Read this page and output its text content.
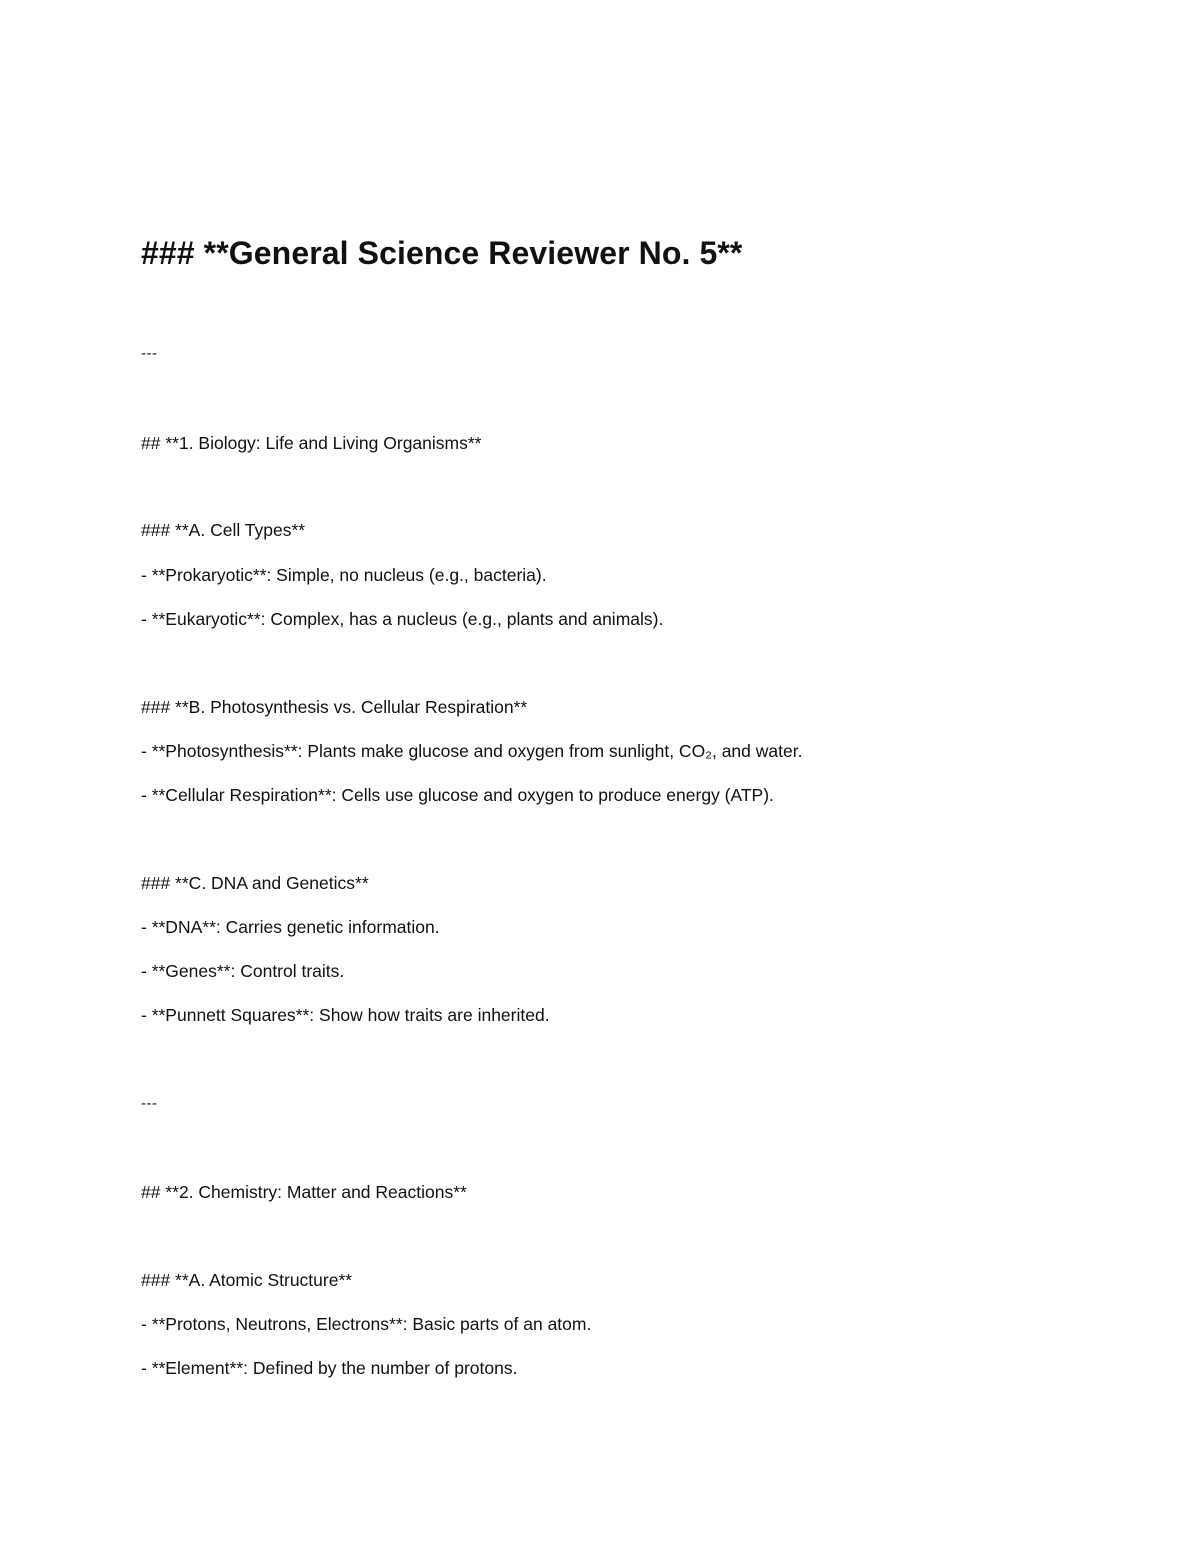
### **General Science Reviewer No. 5**

---

## **1. Biology: Life and Living Organisms**

### **A. Cell Types**

- **Prokaryotic**: Simple, no nucleus (e.g., bacteria).

- **Eukaryotic**: Complex, has a nucleus (e.g., plants and animals).

### **B. Photosynthesis vs. Cellular Respiration**

- **Photosynthesis**: Plants make glucose and oxygen from sunlight, CO₂, and water.

- **Cellular Respiration**: Cells use glucose and oxygen to produce energy (ATP).

### **C. DNA and Genetics**

- **DNA**: Carries genetic information.

- **Genes**: Control traits.

- **Punnett Squares**: Show how traits are inherited.

---

## **2. Chemistry: Matter and Reactions**

### **A. Atomic Structure**

- **Protons, Neutrons, Electrons**: Basic parts of an atom.

- **Element**: Defined by the number of protons.
